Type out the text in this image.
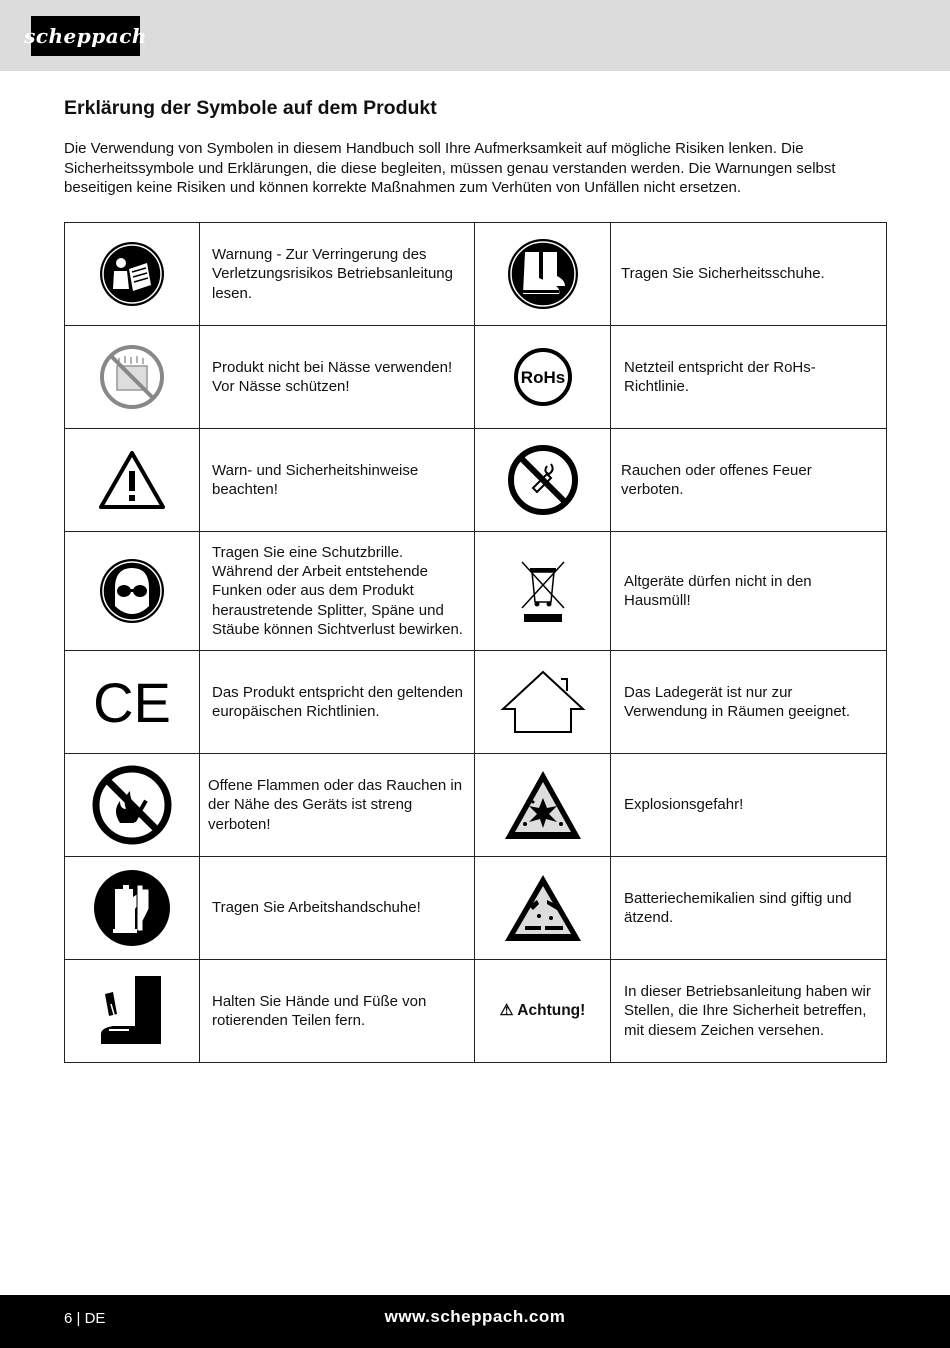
scheppach
Erklärung der Symbole auf dem Produkt

Die Verwendung von Symbolen in diesem Handbuch soll Ihre Aufmerksamkeit auf mögliche Risiken lenken. Die Sicherheitssymbole und Erklärungen, die diese begleiten, müssen genau verstanden werden. Die Warnungen selbst beseitigen keine Risiken und können korrekte Maßnahmen zum Verhüten von Unfällen nicht ersetzen.

	Warnung - Zur Verringerung des Verletzungsrisikos Betriebsanleitung lesen.		Tragen Sie Sicherheitsschuhe.

	Produkt nicht bei Nässe verwenden! Vor Nässe schützen!	RoHs	Netzteil entspricht der RoHs-Richtlinie.

	Warn- und Sicherheitshinweise beachten!		Rauchen oder offenes Feuer verboten.

	Tragen Sie eine Schutzbrille. Während der Arbeit entstehende Funken oder aus dem Produkt heraustretende Splitter, Späne und Stäube können Sichtverlust bewirken.		Altgeräte dürfen nicht in den Hausmüll!

CE	Das Produkt entspricht den geltenden europäischen Richtlinien.		Das Ladegerät ist nur zur Verwendung in Räumen geeignet.

	Offene Flammen oder das Rauchen in der Nähe des Geräts ist streng verboten!		Explosionsgefahr!

	Tragen Sie Arbeitshandschuhe!		Batteriechemikalien sind giftig und ätzend.

	Halten Sie Hände und Füße von rotierenden Teilen fern.	⚠ Achtung!	In dieser Betriebsanleitung haben wir Stellen, die Ihre Sicherheit betreffen, mit diesem Zeichen versehen.
6 | DE	www.scheppach.com
